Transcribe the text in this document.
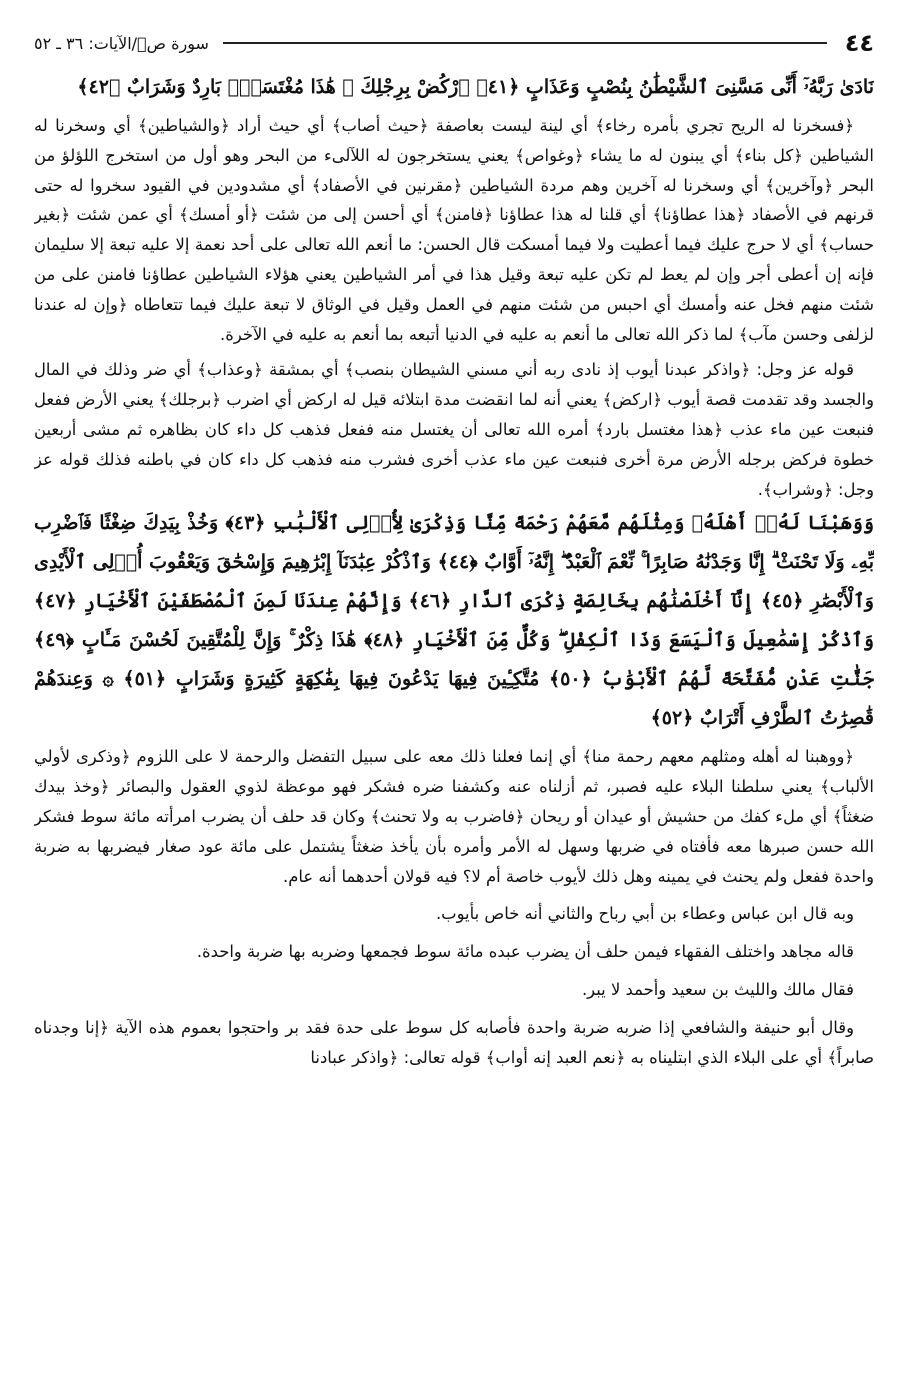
٤٤
سورة صۤ/الآيات: ٣٦ ـ ٥٢

نَادَىٰ رَبَّهُۥٓ أَنِّى مَسَّنِىَ ٱلشَّيْطَٰنُ بِنُصْبٍ وَعَذَابٍ ﴿٤١﴾ ٱرْكُضْ بِرِجْلِكَ ۖ هَٰذَا مُغْتَسَلٌۢ بَارِدٌ وَشَرَابٌ ﴿٤٢﴾

﴿فسخرنا له الريح تجري بأمره رخاء﴾ أي لينة ليست بعاصفة ﴿حيث أصاب﴾ أي حيث أراد ﴿والشياطين﴾ أي وسخرنا له الشياطين ﴿كل بناء﴾ أي يبنون له ما يشاء ﴿وغواص﴾ يعني يستخرجون له اللآلىء من البحر وهو أول من استخرج اللؤلؤ من البحر ﴿وآخرين﴾ أي وسخرنا له آخرين وهم مردة الشياطين ﴿مقرنين في الأصفاد﴾ أي مشدودين في القيود سخروا له حتى قرنهم في الأصفاد ﴿هذا عطاؤنا﴾ أي قلنا له هذا عطاؤنا ﴿فامنن﴾ أي أحسن إلى من شئت ﴿أو أمسك﴾ أي عمن شئت ﴿بغير حساب﴾ أي لا حرج عليك فيما أعطيت ولا فيما أمسكت قال الحسن: ما أنعم الله تعالى على أحد نعمة إلا عليه تبعة إلا سليمان فإنه إن أعطى أجر وإن لم يعط لم تكن عليه تبعة وقيل هذا في أمر الشياطين يعني هؤلاء الشياطين عطاؤنا فامنن على من شئت منهم فخل عنه وأمسك أي احبس من شئت منهم في العمل وقيل في الوثاق لا تبعة عليك فيما تتعاطاه ﴿وإن له عندنا لزلفى وحسن مآب﴾ لما ذكر الله تعالى ما أنعم به عليه في الدنيا أتبعه بما أنعم به عليه في الآخرة.

قوله عز وجل: ﴿واذكر عبدنا أيوب إذ نادى ربه أني مسني الشيطان بنصب﴾ أي بمشقة ﴿وعذاب﴾ أي ضر وذلك في المال والجسد وقد تقدمت قصة أيوب ﴿اركض﴾ يعني أنه لما انقضت مدة ابتلائه قيل له اركض أي اضرب ﴿برجلك﴾ يعني الأرض ففعل فنبعت عين ماء عذب ﴿هذا مغتسل بارد﴾ أمره الله تعالى أن يغتسل منه ففعل فذهب كل داء كان بظاهره ثم مشى أربعين خطوة فركض برجله الأرض مرة أخرى فنبعت عين ماء عذب أخرى فشرب منه فذهب كل داء كان في باطنه فذلك قوله عز وجل: ﴿وشراب﴾.

وَوَهَبْنَا لَهُۥٓ أَهْلَهُۥ وَمِثْلَهُم مَّعَهُمْ رَحْمَةً مِّنَّا وَذِكْرَىٰ لِأُو۟لِى ٱلْأَلْبَٰبِ ﴿٤٣﴾ وَخُذْ بِيَدِكَ ضِغْثًا فَٱضْرِب بِّهِۦ وَلَا تَحْنَثْ ۗ إِنَّا وَجَدْنَٰهُ صَابِرًا ۚ نِّعْمَ ٱلْعَبْدُ ۖ إِنَّهُۥٓ أَوَّابٌ ﴿٤٤﴾ وَٱذْكُرْ عِبَٰدَنَآ إِبْرَٰهِيمَ وَإِسْحَٰقَ وَيَعْقُوبَ أُو۟لِى ٱلْأَيْدِى وَٱلْأَبْصَٰرِ ﴿٤٥﴾ إِنَّآ أَخْلَصْنَٰهُم بِخَالِصَةٍ ذِكْرَى ٱلدَّارِ ﴿٤٦﴾ وَإِنَّهُمْ عِندَنَا لَمِنَ ٱلْمُصْطَفَيْنَ ٱلْأَخْيَارِ ﴿٤٧﴾ وَٱذْكُرْ إِسْمَٰعِيلَ وَٱلْيَسَعَ وَذَا ٱلْكِفْلِ ۖ وَكُلٌّ مِّنَ ٱلْأَخْيَارِ ﴿٤٨﴾ هَٰذَا ذِكْرٌ ۚ وَإِنَّ لِلْمُتَّقِينَ لَحُسْنَ مَـَٔابٍ ﴿٤٩﴾ جَنَّٰتِ عَدْنٍ مُّفَتَّحَةً لَّهُمُ ٱلْأَبْوَٰبُ ﴿٥٠﴾ مُتَّكِـِٔينَ فِيهَا يَدْعُونَ فِيهَا بِفَٰكِهَةٍ كَثِيرَةٍ وَشَرَابٍ ﴿٥١﴾ ۞ وَعِندَهُمْ قَٰصِرَٰتُ ٱلطَّرْفِ أَتْرَابٌ ﴿٥٢﴾

﴿ووهبنا له أهله ومثلهم معهم رحمة منا﴾ أي إنما فعلنا ذلك معه على سبيل التفضل والرحمة لا على اللزوم ﴿وذكرى لأولي الألباب﴾ يعني سلطنا البلاء عليه فصبر، ثم أزلناه عنه وكشفنا ضره فشكر فهو موعظة لذوي العقول والبصائر ﴿وخذ بيدك ضغثاً﴾ أي ملء كفك من حشيش أو عيدان أو ريحان ﴿فاضرب به ولا تحنث﴾ وكان قد حلف أن يضرب امرأته مائة سوط فشكر الله حسن صبرها معه فأفتاه في ضربها وسهل له الأمر وأمره بأن يأخذ ضغثاً يشتمل على مائة عود صغار فيضربها به ضربة واحدة ففعل ولم يحنث في يمينه وهل ذلك لأيوب خاصة أم لا؟ فيه قولان أحدهما أنه عام.

وبه قال ابن عباس وعطاء بن أبي رباح والثاني أنه خاص بأيوب.

قاله مجاهد واختلف الفقهاء فيمن حلف أن يضرب عبده مائة سوط فجمعها وضربه بها ضربة واحدة.

فقال مالك والليث بن سعيد وأحمد لا يبر.

وقال أبو حنيفة والشافعي إذا ضربه ضربة واحدة فأصابه كل سوط على حدة فقد بر واحتجوا بعموم هذه الآية ﴿إنا وجدناه صابراً﴾ أي على البلاء الذي ابتليناه به ﴿نعم العبد إنه أواب﴾ قوله تعالى: ﴿واذكر عبادنا
